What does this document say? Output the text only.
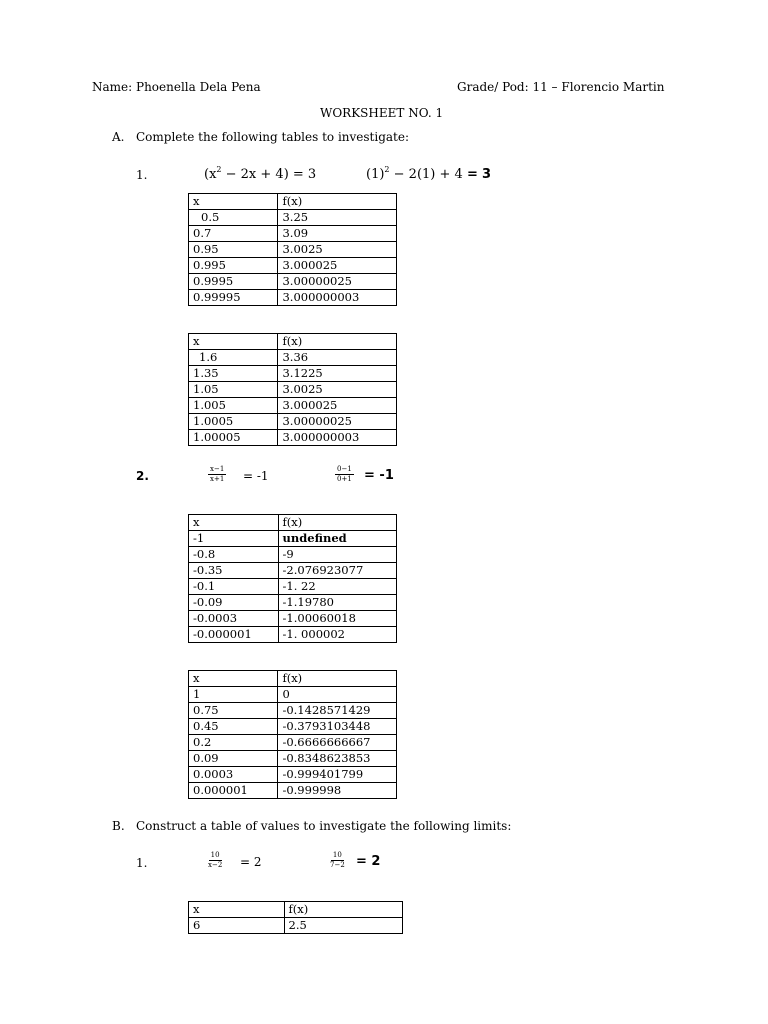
Name: Phoenella Dela Pena	Grade/ Pod: 11 – Florencio Martin
WORKSHEET NO. 1
A. Complete the following tables to investigate:
1.	$(x^2 - 2x + 4) = 3$	$(1)^2 - 2(1) + 4 = 3$
x	f(x)
0.5	3.25
0.7	3.09
0.95	3.0025
0.995	3.000025
0.9995	3.00000025
0.99995	3.000000003
x	f(x)
1.6	3.36
1.35	3.1225
1.05	3.0025
1.005	3.000025
1.0005	3.00000025
1.00005	3.000000003
2.	$\frac{x-1}{x+1} = -1$	$\frac{0-1}{0+1} = -1$
x	f(x)
-1	undefined
-0.8	-9
-0.35	-2.076923077
-0.1	-1. 22
-0.09	-1.19780
-0.0003	-1.00060018
-0.000001	-1. 000002
x	f(x)
1	0
0.75	-0.1428571429
0.45	-0.3793103448
0.2	-0.6666666667
0.09	-0.8348623853
0.0003	-0.999401799
0.000001	-0.999998
B. Construct a table of values to investigate the following limits:
1.	$\frac{10}{x-2} = 2$	$\frac{10}{7-2} = 2$
x	f(x)
6	2.5
